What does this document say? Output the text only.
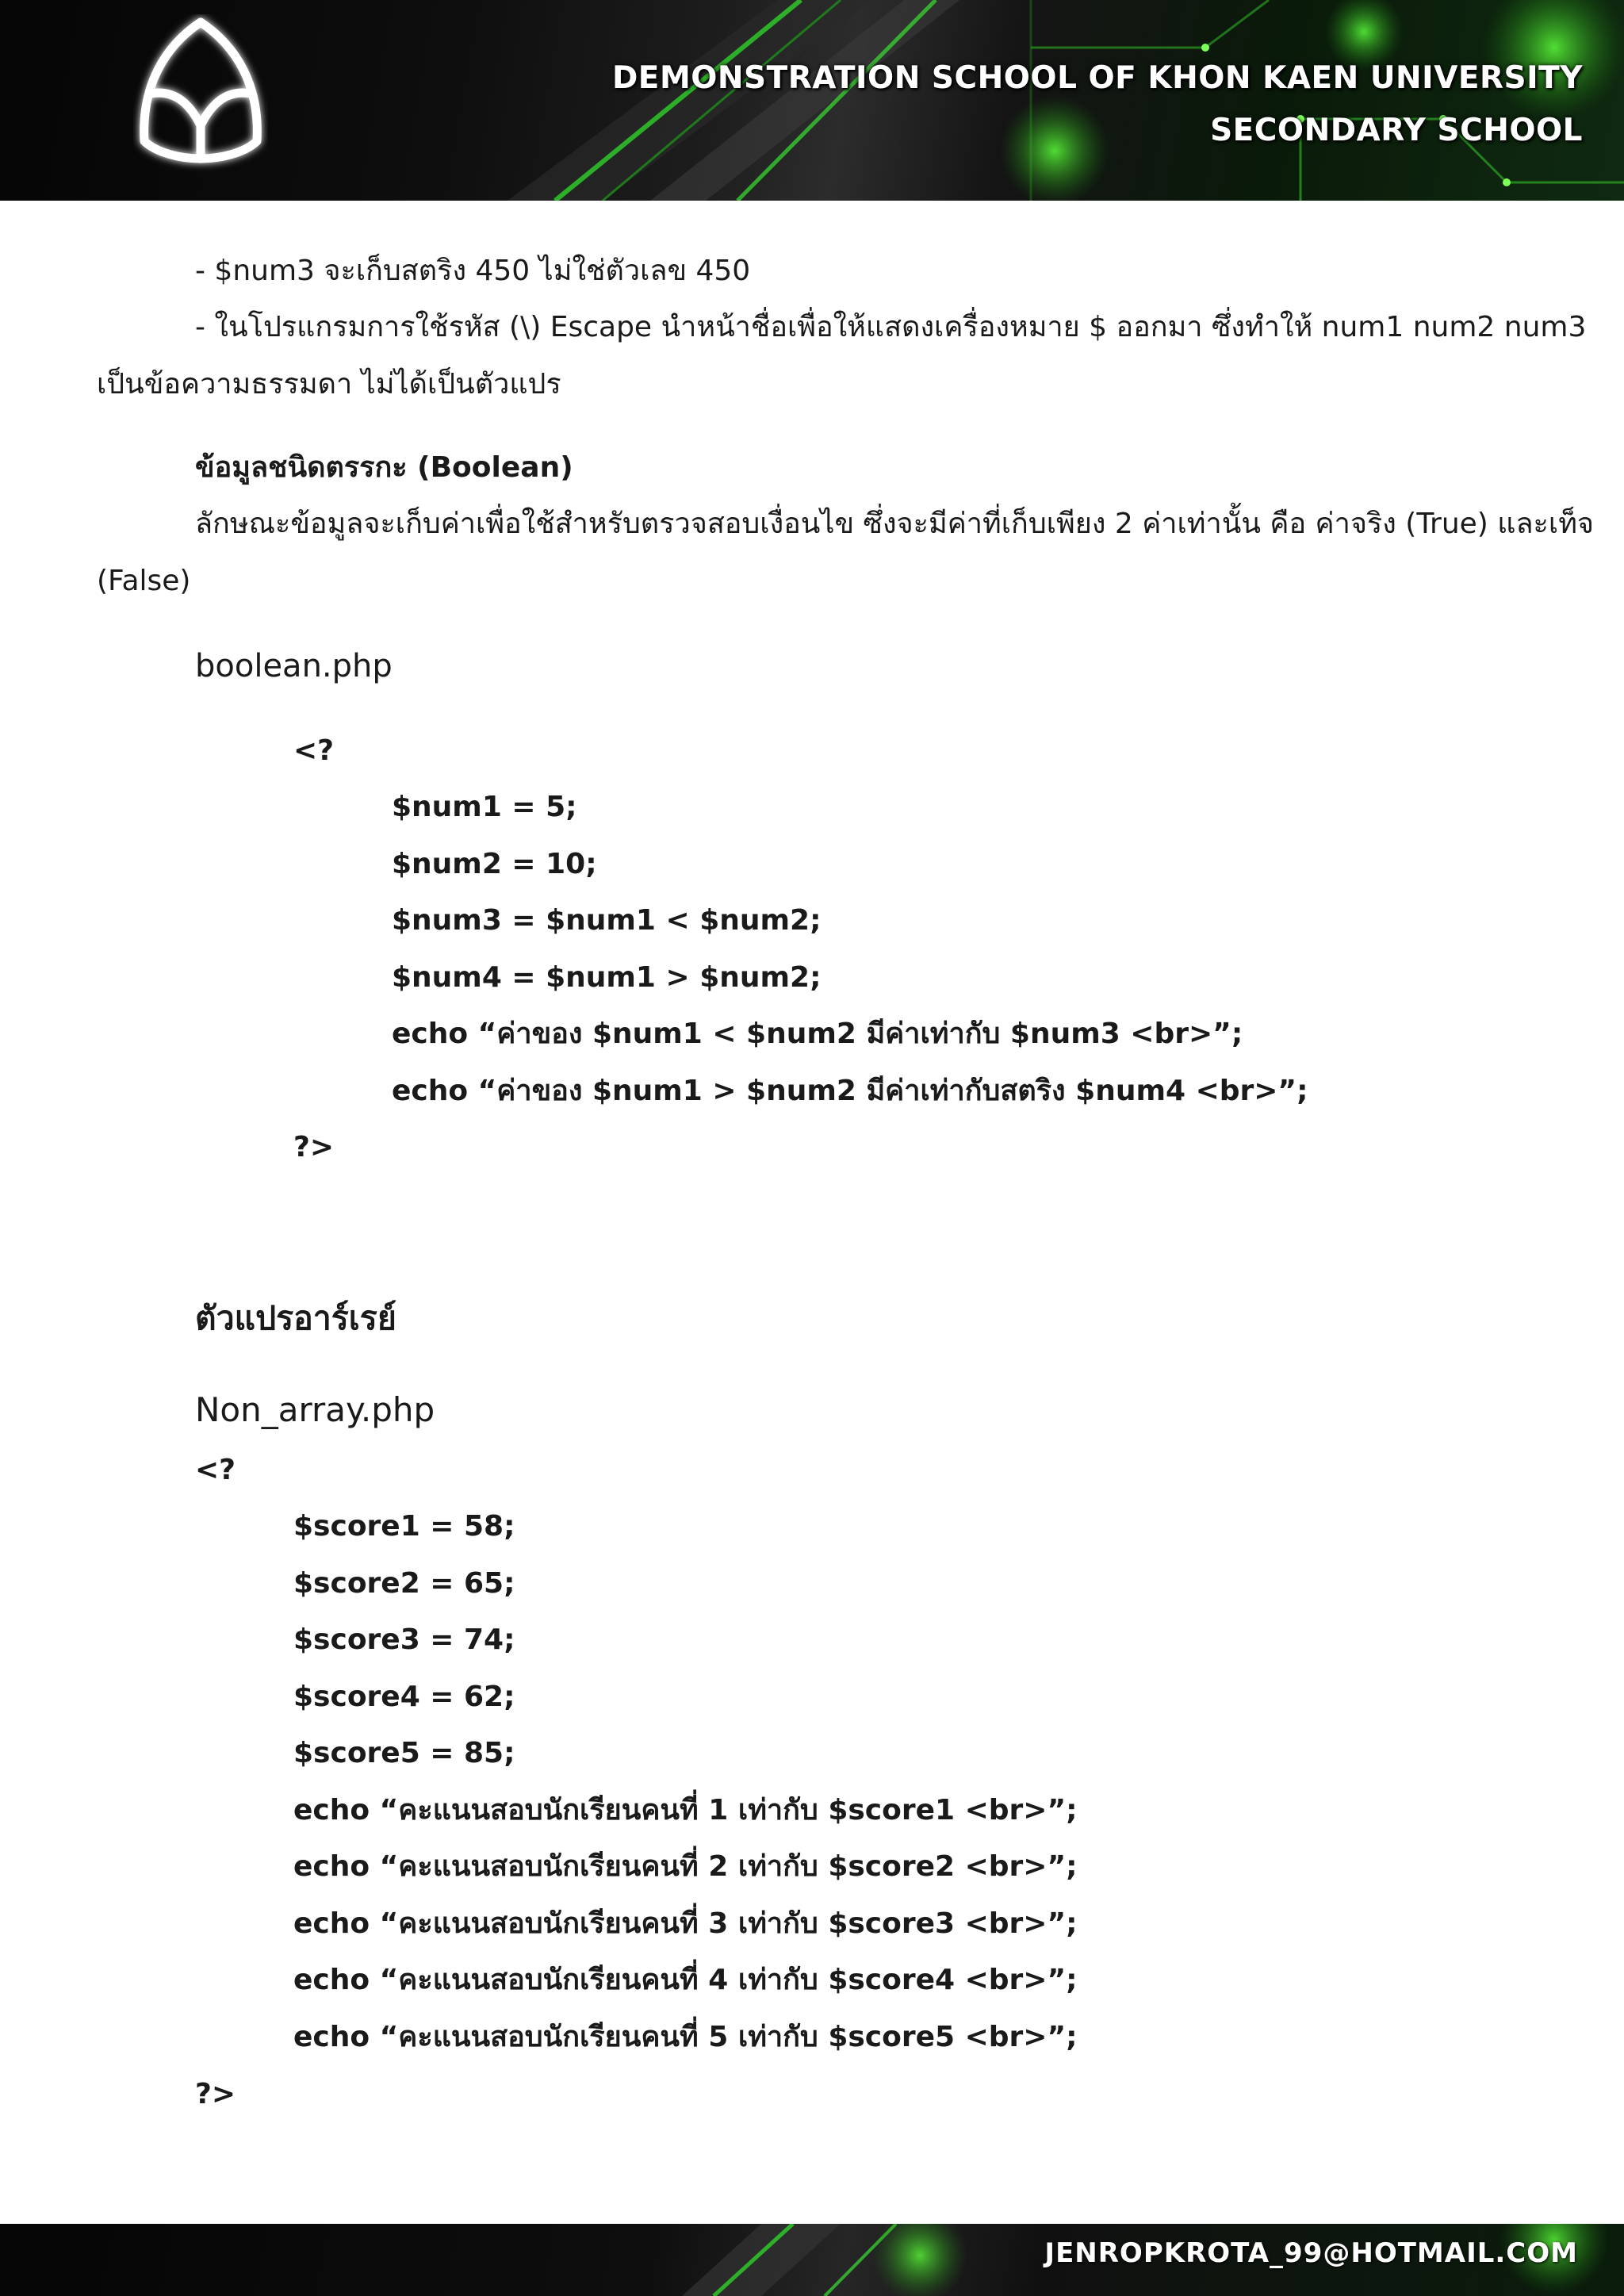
DEMONSTRATION SCHOOL OF KHON KAEN UNIVERSITY
SECONDARY SCHOOL
- $num3 จะเก็บสตริง 450 ไม่ใช่ตัวเลข 450
- ในโปรแกรมการใช้รหัส (\) Escape นำหน้าชื่อเพื่อให้แสดงเครื่องหมาย $ ออกมา ซึ่งทำให้ num1 num2 num3
เป็นข้อความธรรมดา ไม่ได้เป็นตัวแปร
ข้อมูลชนิดตรรกะ (Boolean)
ลักษณะข้อมูลจะเก็บค่าเพื่อใช้สำหรับตรวจสอบเงื่อนไข ซึ่งจะมีค่าที่เก็บเพียง 2 ค่าเท่านั้น คือ ค่าจริง (True) และเท็จ
(False)
boolean.php
<?
$num1 = 5;
$num2 = 10;
$num3 = $num1 < $num2;
$num4 = $num1 > $num2;
echo “ค่าของ $num1 < $num2 มีค่าเท่ากับ $num3 <br>”;
echo “ค่าของ $num1 > $num2 มีค่าเท่ากับสตริง $num4 <br>”;
?>
ตัวแปรอาร์เรย์
Non_array.php
<?
$score1 = 58;
$score2 = 65;
$score3 = 74;
$score4 = 62;
$score5 = 85;
echo “คะแนนสอบนักเรียนคนที่ 1 เท่ากับ $score1 <br>”;
echo “คะแนนสอบนักเรียนคนที่ 2 เท่ากับ $score2 <br>”;
echo “คะแนนสอบนักเรียนคนที่ 3 เท่ากับ $score3 <br>”;
echo “คะแนนสอบนักเรียนคนที่ 4 เท่ากับ $score4 <br>”;
echo “คะแนนสอบนักเรียนคนที่ 5 เท่ากับ $score5 <br>”;
?>
JENROPKROTA_99@HOTMAIL.COM
